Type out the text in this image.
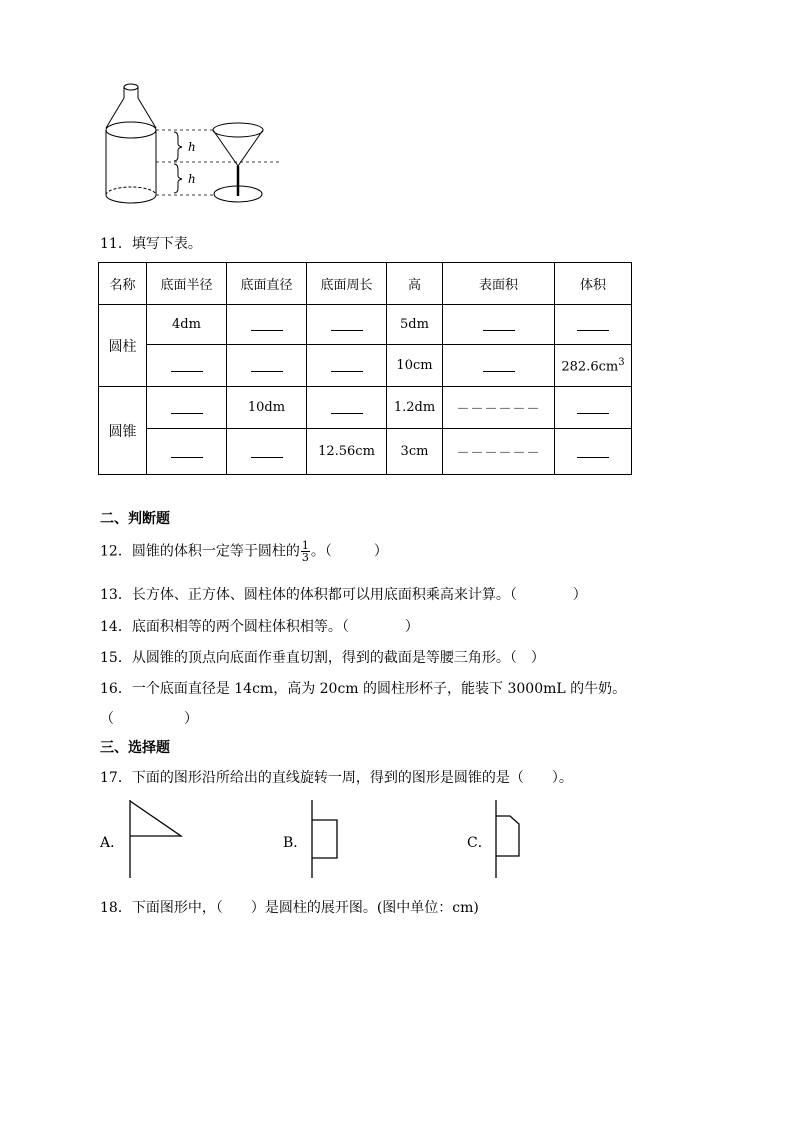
h
h
11．填写下表。
名称	底面半径	底面直径	底面周长	高	表面积	体积
圆柱	4dm			5dm		
				10cm		$282.6cm^3$
圆锥		10dm		1.2dm	－－－－－－	
			12.56cm	3cm	－－－－－－	
二、判断题
12．圆锥的体积一定等于圆柱的 $\frac{1}{3}$ 。（　　　）
13．长方体、正方体、圆柱体的体积都可以用底面积乘高来计算。（　　　　）
14．底面积相等的两个圆柱体积相等。（　　　　）
15．从圆锥的顶点向底面作垂直切割，得到的截面是等腰三角形。（　）
16．一个底面直径是 14cm，高为 20cm 的圆柱形杯子，能装下 3000mL 的牛奶。
（　　　　　）
三、选择题
17．下面的图形沿所给出的直线旋转一周，得到的图形是圆锥的是（　　）。
A．	B．	C．
18．下面图形中，（　　）是圆柱的展开图。(图中单位：cm)
